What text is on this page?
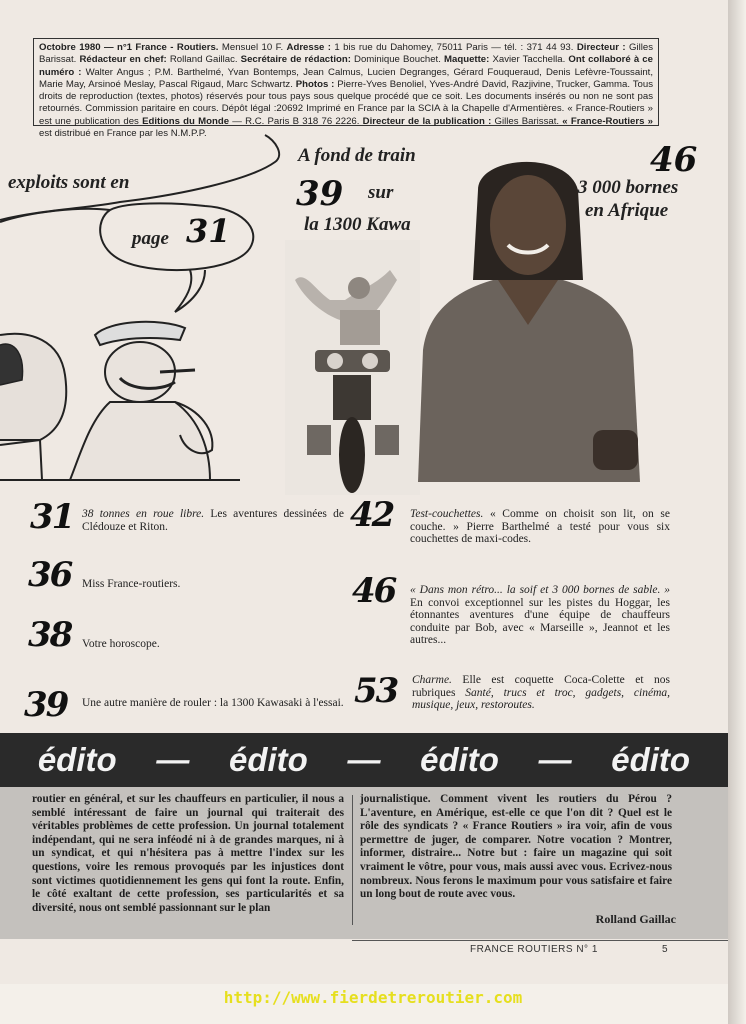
Octobre 1980 — n°1 France - Routiers. Mensuel 10 F. Adresse : 1 bis rue du Dahomey, 75011 Paris — tél. : 371 44 93. Directeur : Gilles Barissat. Rédacteur en chef: Rolland Gaillac. Secrétaire de rédaction: Dominique Bouchet. Maquette: Xavier Tacchella. Ont collaboré à ce numéro : Walter Angus ; P.M. Barthelmé, Yvan Bontemps, Jean Calmus, Lucien Degranges, Gérard Fouqueraud, Denis Lefèvre-Toussaint, Marie May, Arsinoé Meslay, Pascal Rigaud, Marc Schwartz. Photos : Pierre-Yves Benoliel, Yves-André David, Razjivine, Trucker, Gamma. Tous droits de reproduction (textes, photos) réservés pour tous pays sous quelque procédé que ce soit. Les documents insérés ou non ne sont pas retournés. Commission paritaire en cours. Dépôt légal :20692 Imprimé en France par la SCIA à la Chapelle d'Armentières. « France-Routiers » est une publication des Editions du Monde — R.C. Paris B 318 76 2226. Directeur de la publication : Gilles Barissat. « France-Routiers » est distribué en France par les N.M.P.P.
exploits sont en
page 31
A fond de train
39 sur
la 1300 Kawa
46
3 000 bornes
en Afrique
31 38 tonnes en roue libre. Les aventures dessinées de Clédouze et Riton.
36 Miss France-routiers.
38 Votre horoscope.
39 Une autre manière de rouler : la 1300 Kawasaki à l'essai.
42 Test-couchettes. « Comme on choisit son lit, on se couche. » Pierre Barthelmé a testé pour vous six couchettes de maxi-codes.
46 « Dans mon rétro... la soif et 3 000 bornes de sable. » En convoi exceptionnel sur les pistes du Hoggar, les étonnantes aventures d'une équipe de chauffeurs conduite par Bob, avec « Marseille », Jeannot et les autres...
53 Charme. Elle est coquette Coca-Colette et nos rubriques Santé, trucs et troc, gadgets, cinéma, musique, jeux, restoroutes.
édito — édito — édito — édito
routier en général, et sur les chauffeurs en particulier, il nous a semblé intéressant de faire un journal qui traiterait des véritables problèmes de cette profession. Un journal totalement indépendant, qui ne sera inféodé ni à de grandes marques, ni à un syndicat, et qui n'hésitera pas à mettre l'index sur les questions, voire les remous provoqués par les injustices dont sont victimes quotidiennement les gens qui font la route. Enfin, le côté exaltant de cette profession, ses particularités et sa diversité, nous ont semblé passionnant sur le plan
journalistique. Comment vivent les routiers du Pérou ? L'aventure, en Amérique, est-elle ce que l'on dit ? Quel est le rôle des syndicats ? « France Routiers » ira voir, afin de vous permettre de juger, de comparer. Notre vocation ? Montrer, informer, distraire... Notre but : faire un magazine qui soit vraiment le vôtre, pour vous, mais aussi avec vous. Ecrivez-nous nombreux. Nous ferons le maximum pour vous satisfaire et faire un long bout de route avec vous.
Rolland Gaillac
FRANCE ROUTIERS N° 1	5
http://www.fierdetreroutier.com
